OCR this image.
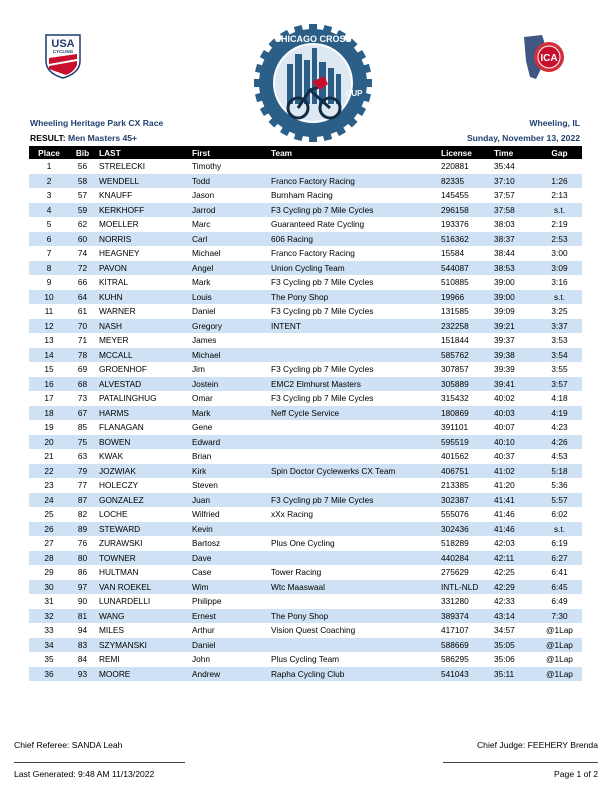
USA
CYCLING
CHICAGO CROSS
CUP
ICA
Wheeling Heritage Park CX Race	Wheeling, IL
RESULT: Men Masters 45+	Sunday, November 13, 2022
Place	Bib	LAST	First	Team	License	Time	Gap
1	56	STRELECKI	Timothy		220881	35:44	
2	58	WENDELL	Todd	Franco Factory Racing	82335	37:10	1:26
3	57	KNAUFF	Jason	Burnham Racing	145455	37:57	2:13
4	59	KERKHOFF	Jarrod	F3 Cycling pb 7 Mile Cycles	296158	37:58	s.t.
5	62	MOELLER	Marc	Guaranteed Rate Cycling	193376	38:03	2:19
6	60	NORRIS	Carl	606 Racing	516362	38:37	2:53
7	74	HEAGNEY	Michael	Franco Factory Racing	15584	38:44	3:00
8	72	PAVON	Angel	Union Cycling Team	544087	38:53	3:09
9	66	KITRAL	Mark	F3 Cycling pb 7 Mile Cycles	510885	39:00	3:16
10	64	KUHN	Louis	The Pony Shop	19966	39:00	s.t.
11	61	WARNER	Daniel	F3 Cycling pb 7 Mile Cycles	131585	39:09	3:25
12	70	NASH	Gregory	INTENT	232258	39:21	3:37
13	71	MEYER	James		151844	39:37	3:53
14	78	MCCALL	Michael		585762	39:38	3:54
15	69	GROENHOF	Jim	F3 Cycling pb 7 Mile Cycles	307857	39:39	3:55
16	68	ALVESTAD	Jostein	EMC2 Elmhurst Masters	305889	39:41	3:57
17	73	PATALINGHUG	Omar	F3 Cycling pb 7 Mile Cycles	315432	40:02	4:18
18	67	HARMS	Mark	Neff Cycle Service	180869	40:03	4:19
19	85	FLANAGAN	Gene		391101	40:07	4:23
20	75	BOWEN	Edward		595519	40:10	4:26
21	63	KWAK	Brian		401562	40:37	4:53
22	79	JOZWIAK	Kirk	Spin Doctor Cyclewerks CX Team	406751	41:02	5:18
23	77	HOLECZY	Steven		213385	41:20	5:36
24	87	GONZALEZ	Juan	F3 Cycling pb 7 Mile Cycles	302387	41:41	5:57
25	82	LOCHE	Wilfried	xXx Racing	555076	41:46	6:02
26	89	STEWARD	Kevin		302436	41:46	s.t.
27	76	ZURAWSKI	Bartosz	Plus One Cycling	518289	42:03	6:19
28	80	TOWNER	Dave		440284	42:11	6:27
29	86	HULTMAN	Case	Tower Racing	275629	42:25	6:41
30	97	VAN ROEKEL	Wim	Wtc Maaswaal	INTL-NLD	42:29	6:45
31	90	LUNARDELLI	Philippe		331280	42:33	6:49
32	81	WANG	Ernest	The Pony Shop	389374	43:14	7:30
33	94	MILES	Arthur	Vision Quest Coaching	417107	34:57	@1Lap
34	83	SZYMANSKI	Daniel		588669	35:05	@1Lap
35	84	REMI	John	Plus Cycling Team	586295	35:06	@1Lap
36	93	MOORE	Andrew	Rapha Cycling Club	541043	35:11	@1Lap
Chief Referee: SANDA Leah	Chief Judge: FEEHERY Brenda
Last Generated: 9:48 AM 11/13/2022	Page 1 of 2
